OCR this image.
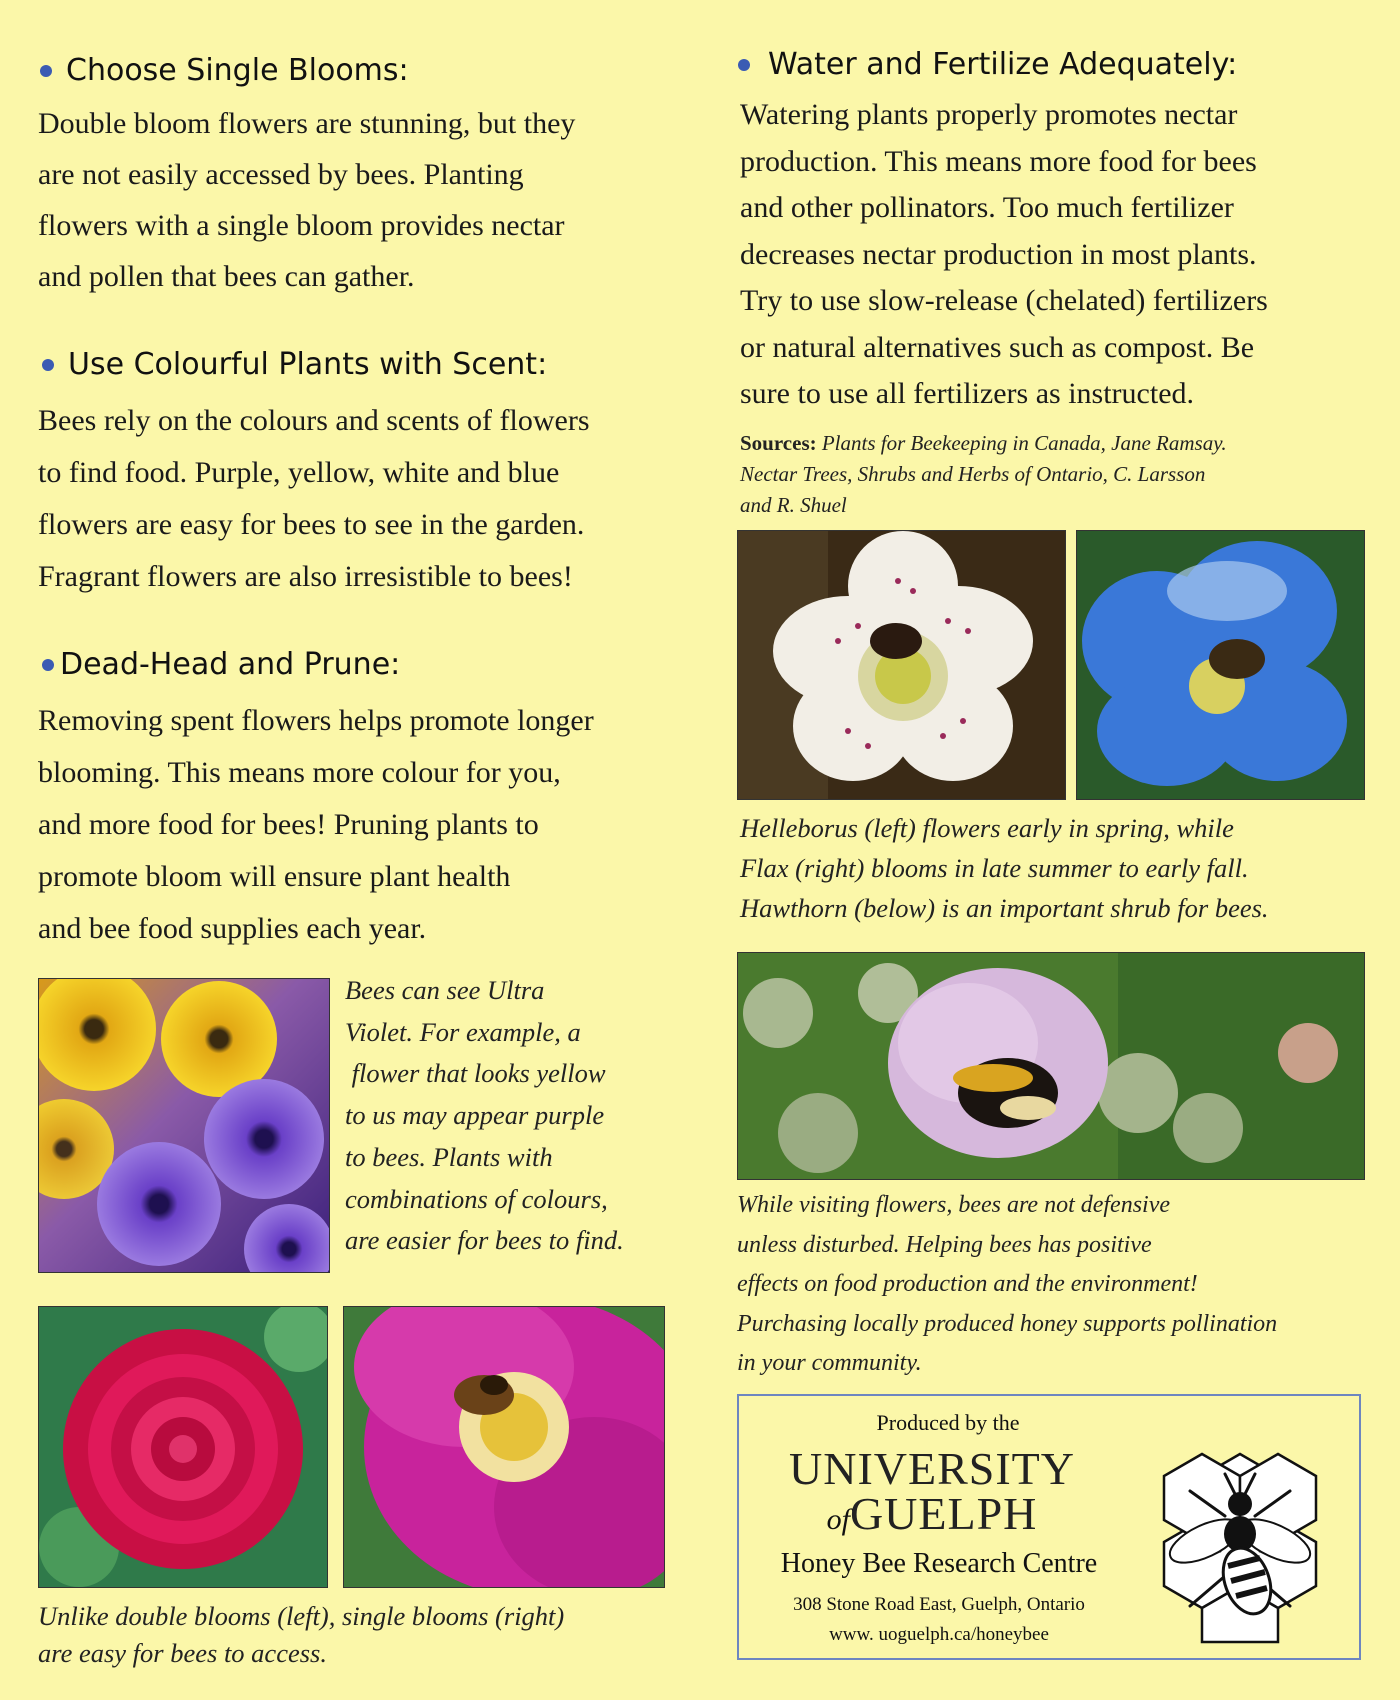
Choose Single Blooms:
Double bloom flowers are stunning, but they
are not easily accessed by bees. Planting
flowers with a single bloom provides nectar
and pollen that bees can gather.
Use Colourful Plants with Scent:
Bees rely on the colours and scents of flowers
to find food. Purple, yellow, white and blue
flowers are easy for bees to see in the garden.
Fragrant flowers are also irresistible to bees!
Dead-Head and Prune:
Removing spent flowers helps promote longer
blooming. This means more colour for you,
and more food for bees! Pruning plants to
promote bloom will ensure plant health
and bee food supplies each year.
Bees can see Ultra
Violet. For example, a
flower that looks yellow
to us may appear purple
to bees. Plants with
combinations of colours,
are easier for bees to find.
Unlike double blooms (left), single blooms (right)
are easy for bees to access.
Water and Fertilize Adequately:
Watering plants properly promotes nectar
production. This means more food for bees
and other pollinators. Too much fertilizer
decreases nectar production in most plants.
Try to use slow-release (chelated) fertilizers
or natural alternatives such as compost. Be
sure to use all fertilizers as instructed.
Sources: Plants for Beekeeping in Canada, Jane Ramsay.
Nectar Trees, Shrubs and Herbs of Ontario, C. Larsson
and R. Shuel
Helleborus (left) flowers early in spring, while
Flax (right) blooms in late summer to early fall.
Hawthorn (below) is an important shrub for bees.
While visiting flowers, bees are not defensive
unless disturbed. Helping bees has positive
effects on food production and the environment!
Purchasing locally produced honey supports pollination
in your community.
Produced by the
UNIVERSITY
ofGUELPH
Honey Bee Research Centre
308 Stone Road East, Guelph, Ontario
www. uoguelph.ca/honeybee
